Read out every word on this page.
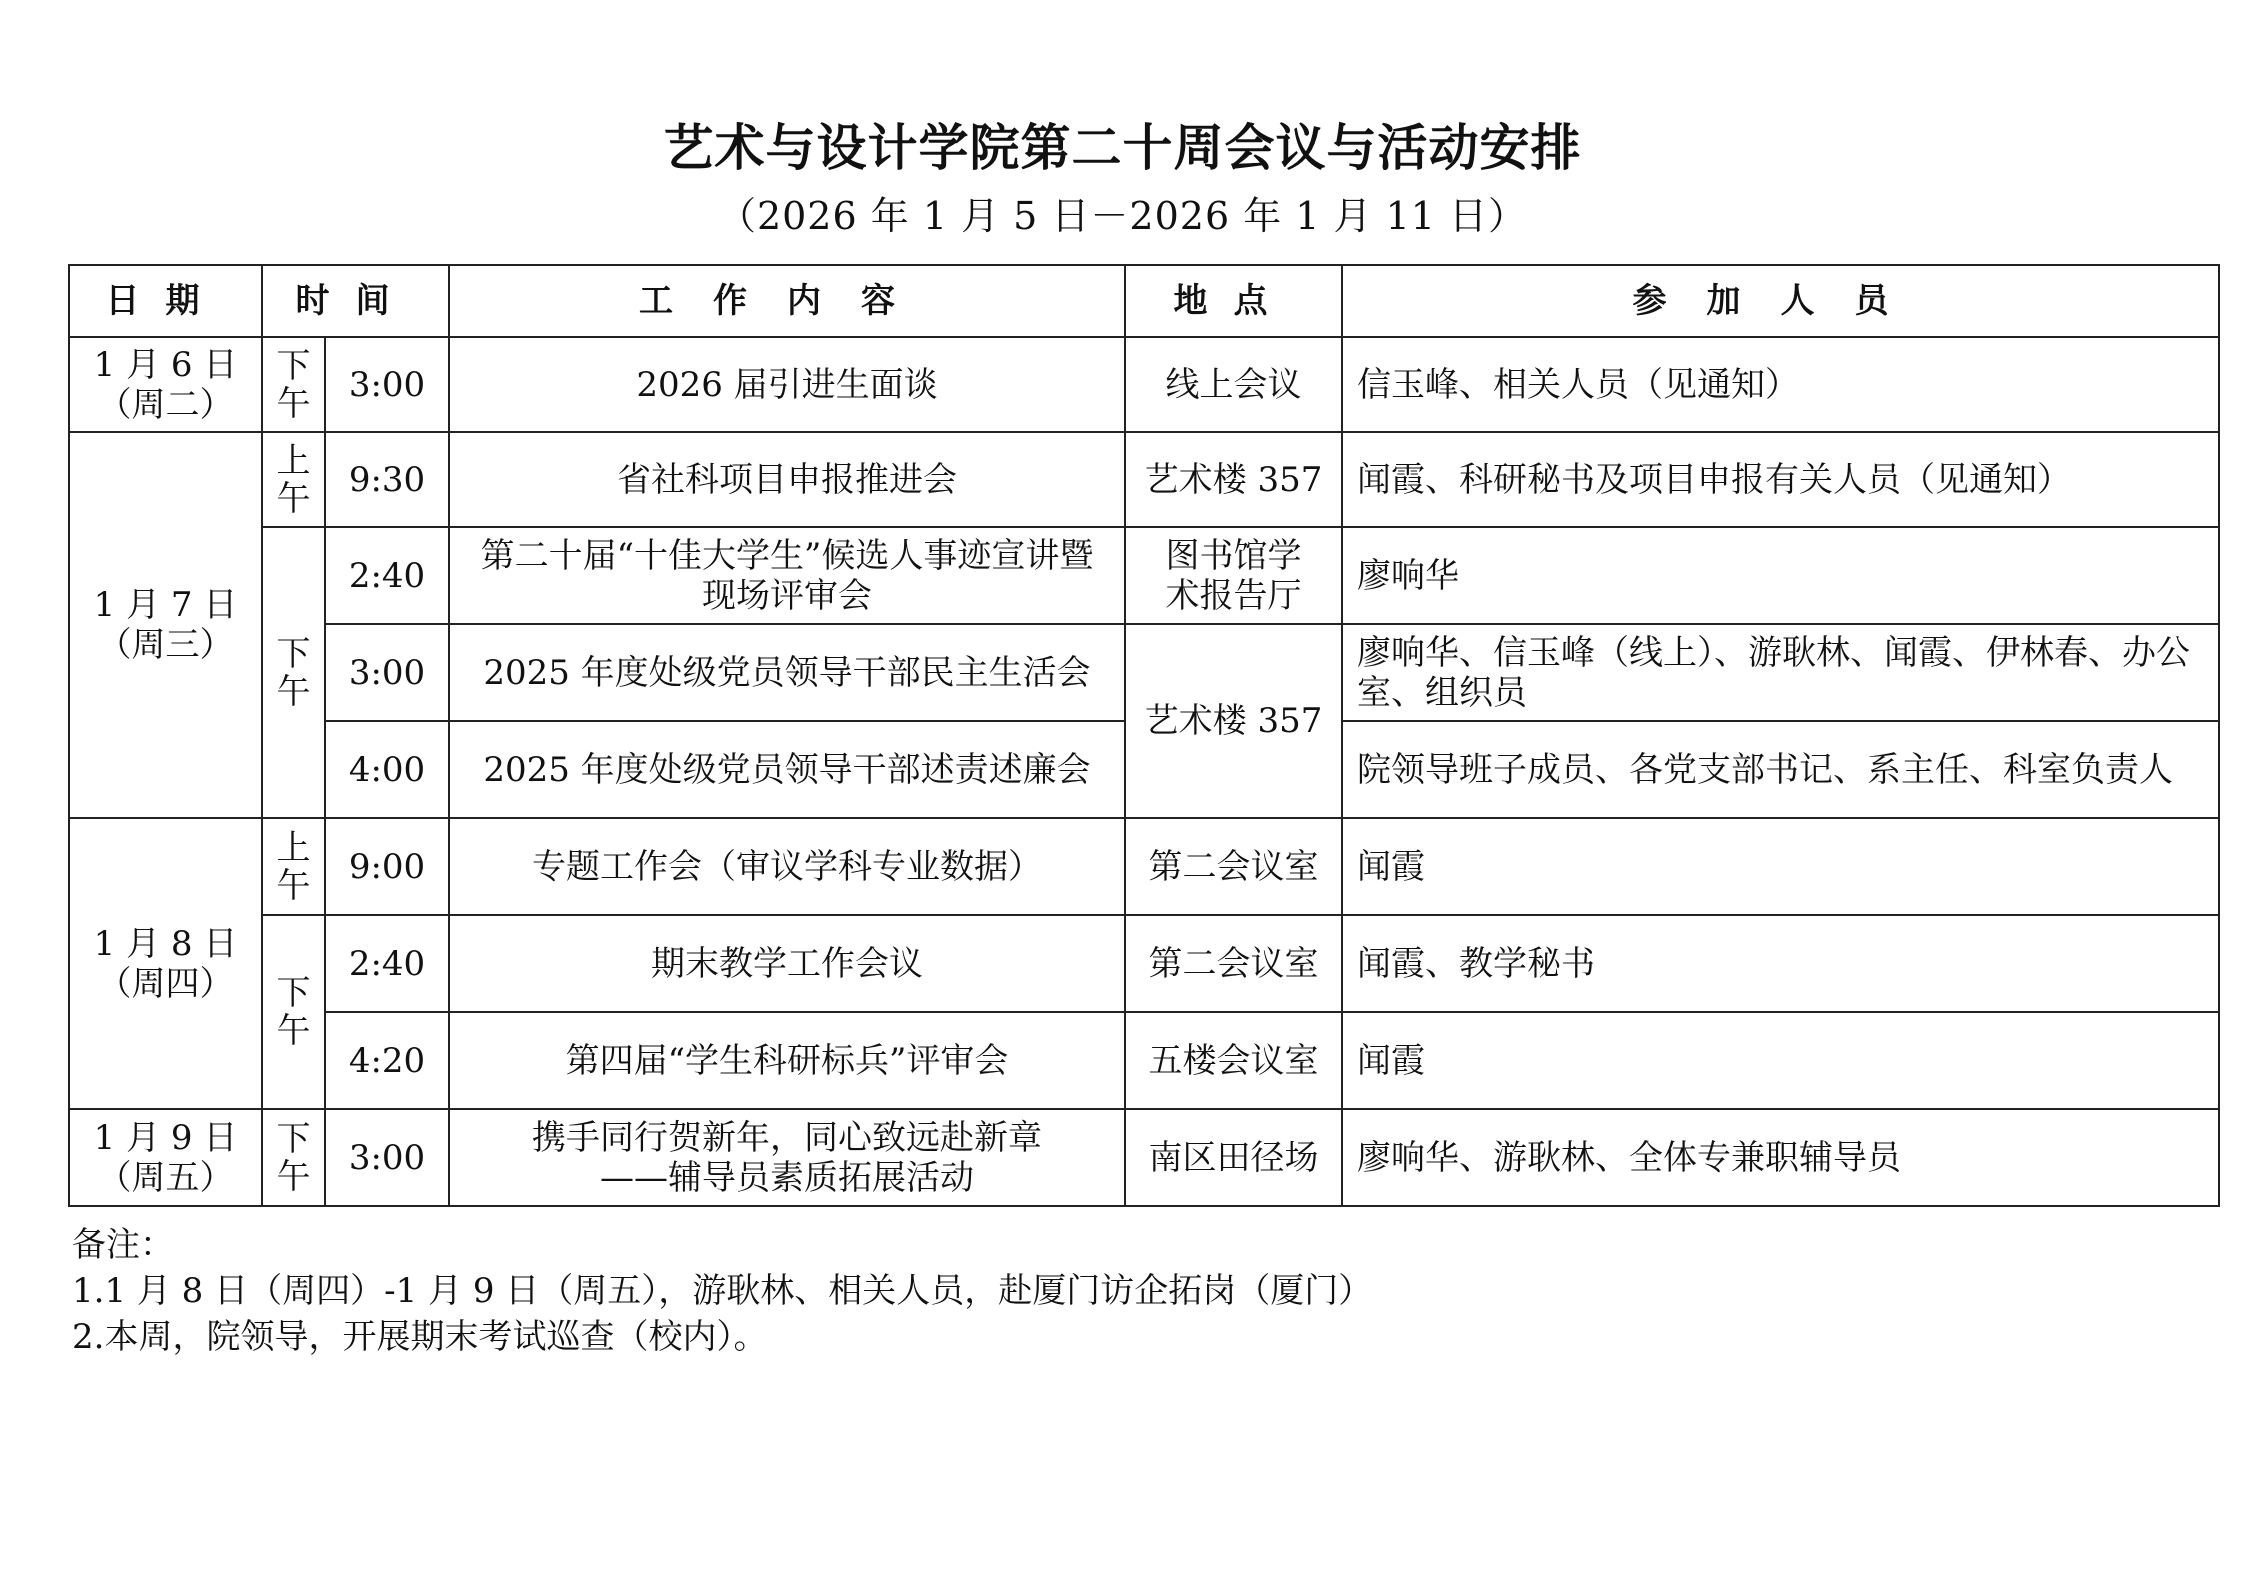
艺术与设计学院第二十周会议与活动安排
（2026 年 1 月 5 日－2026 年 1 月 11 日）
日期	时间		工作内容	地点	参加人员

1 月 6 日
（周二）	下午	3:00	2026 届引进生面谈	线上会议	信玉峰、相关人员（见通知）

1 月 7 日
（周三）	上午	9:30	省社科项目申报推进会	艺术楼 357	闻霞、科研秘书及项目申报有关人员（见通知）

	下午	2:40	第二十届“十佳大学生”候选人事迹宣讲暨现场评审会	图书馆学术报告厅	廖响华
		3:00	2025 年度处级党员领导干部民主生活会	艺术楼 357	廖响华、信玉峰（线上）、游耿林、闻霞、伊林春、办公室、组织员
		4:00	2025 年度处级党员领导干部述责述廉会		院领导班子成员、各党支部书记、系主任、科室负责人

1 月 8 日
（周四）	上午	9:00	专题工作会（审议学科专业数据）	第二会议室	闻霞

	下午	2:40	期末教学工作会议	第二会议室	闻霞、教学秘书
		4:20	第四届“学生科研标兵”评审会	五楼会议室	闻霞

1 月 9 日
（周五）	下午	3:00	携手同行贺新年，同心致远赴新章——辅导员素质拓展活动	南区田径场	廖响华、游耿林、全体专兼职辅导员
备注：
1.1 月 8 日（周四）-1 月 9 日（周五），游耿林、相关人员，赴厦门访企拓岗（厦门）
2.本周，院领导，开展期末考试巡查（校内）。
